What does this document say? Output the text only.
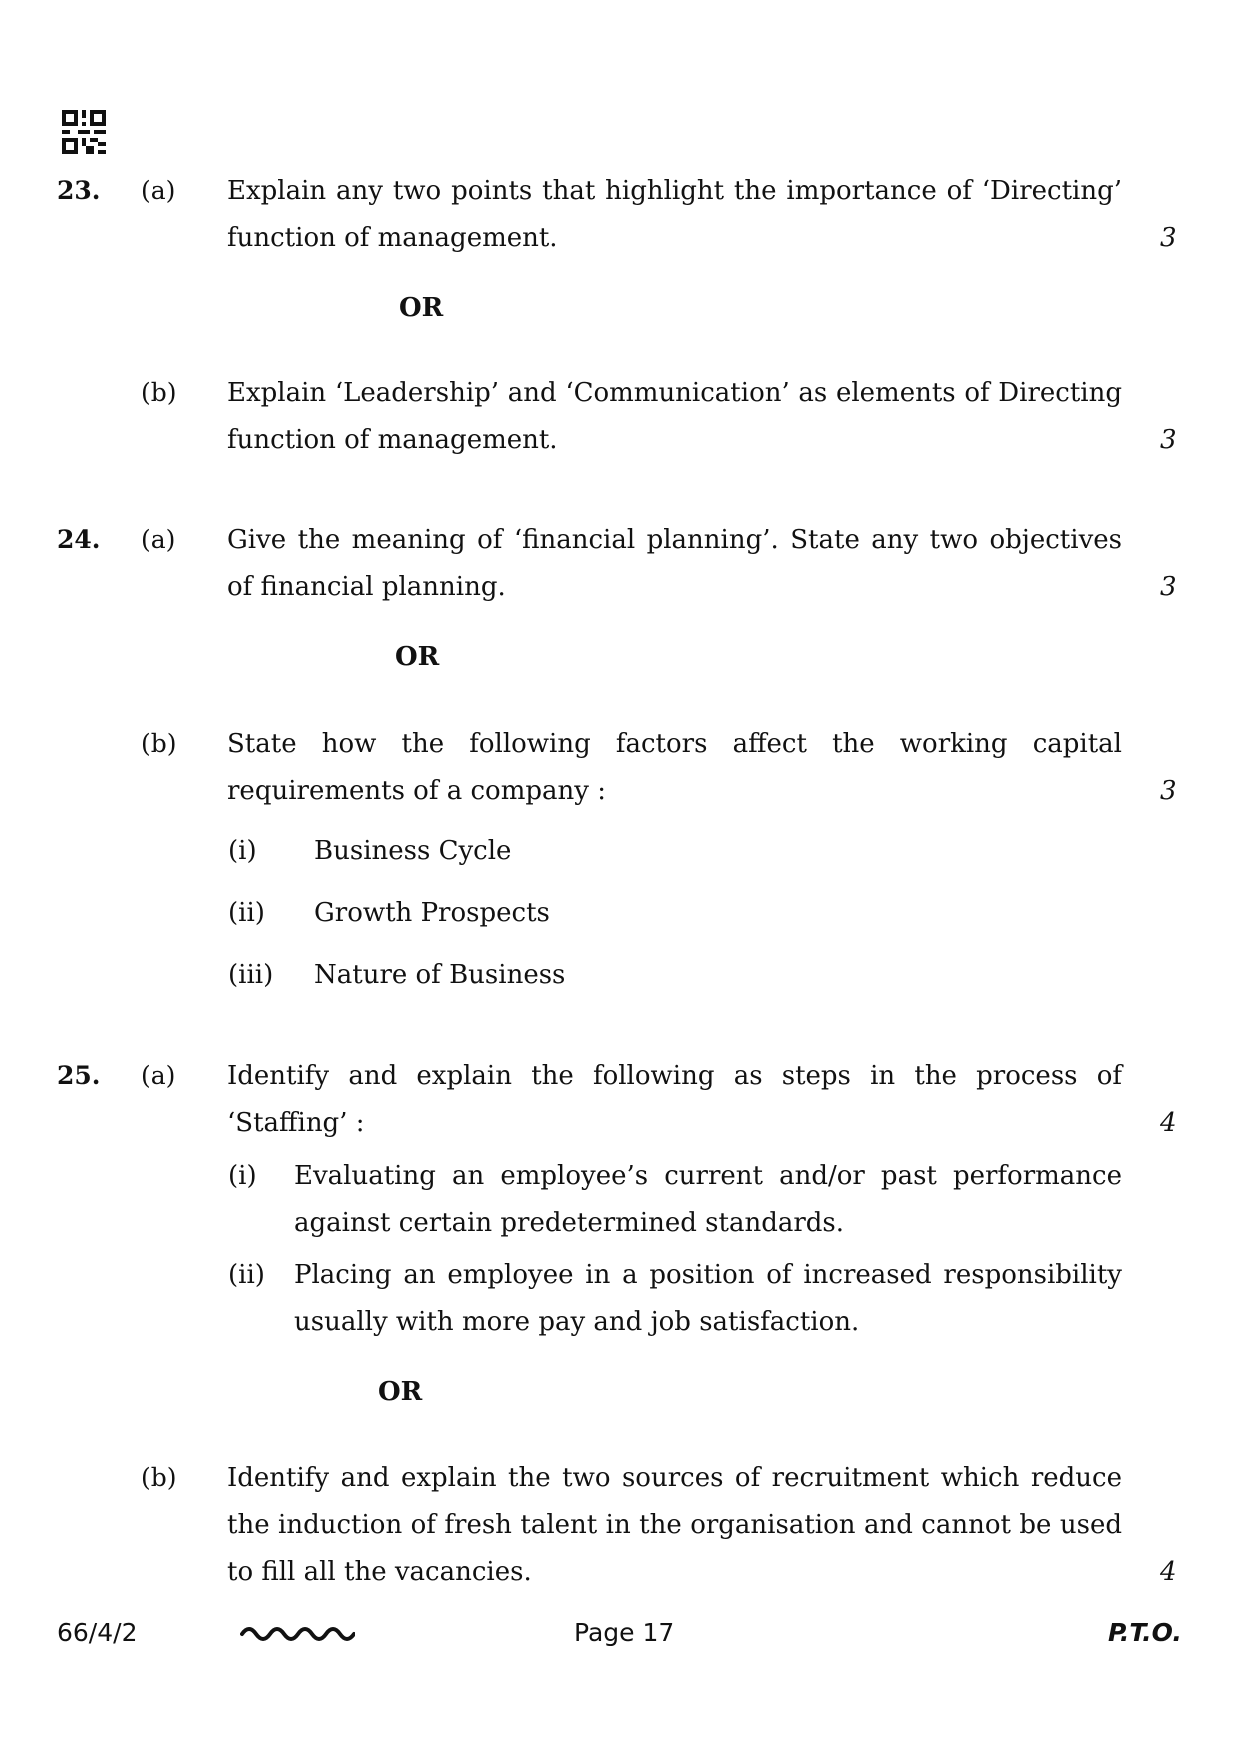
23. (a) Explain any two points that highlight the importance of ‘Directing’
function of management.	3
OR
(b) Explain ‘Leadership’ and ‘Communication’ as elements of Directing
function of management.	3
24. (a) Give the meaning of ‘financial planning’. State any two objectives
of financial planning.	3
OR
(b) State how the following factors affect the working capital
requirements of a company :	3
(i) Business Cycle
(ii) Growth Prospects
(iii) Nature of Business
25. (a) Identify and explain the following as steps in the process of
‘Staffing’ :	4
(i) Evaluating an employee’s current and/or past performance
against certain predetermined standards.
(ii) Placing an employee in a position of increased responsibility
usually with more pay and job satisfaction.
OR
(b) Identify and explain the two sources of recruitment which reduce
the induction of fresh talent in the organisation and cannot be used
to fill all the vacancies.	4
66/4/2	Page 17	P.T.O.
